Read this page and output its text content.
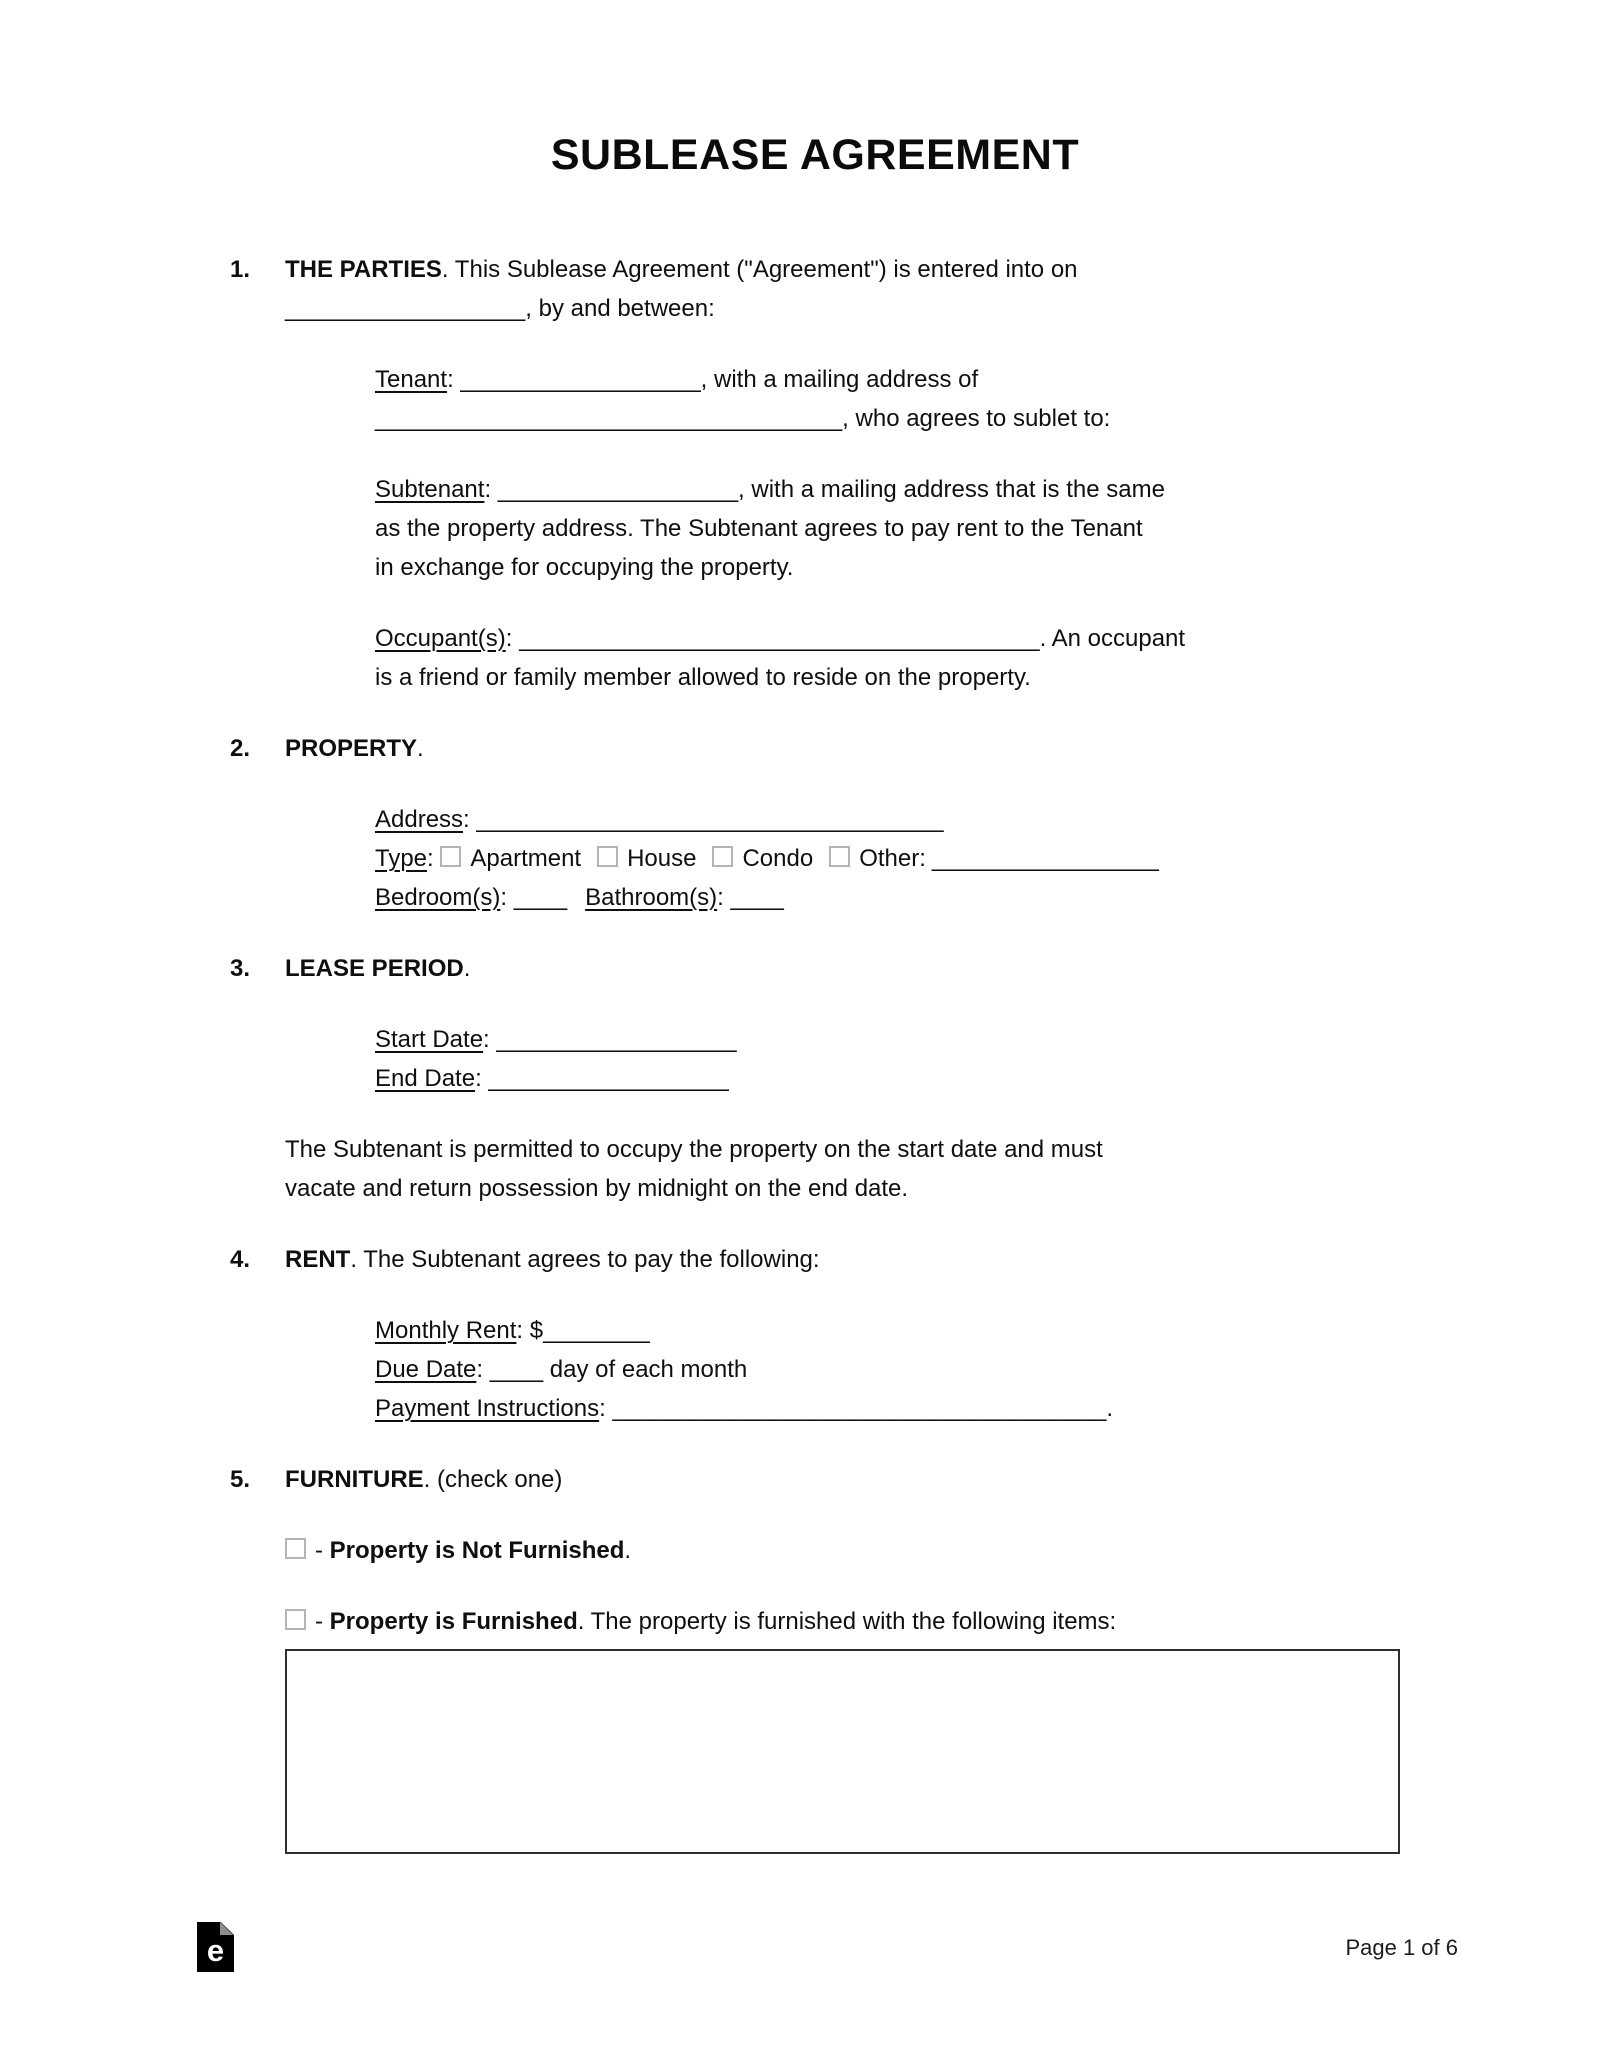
SUBLEASE AGREEMENT
1.	THE PARTIES. This Sublease Agreement ("Agreement") is entered into on
__________________, by and between:

Tenant: __________________, with a mailing address of
___________________________________, who agrees to sublet to:

Subtenant: __________________, with a mailing address that is the same
as the property address. The Subtenant agrees to pay rent to the Tenant
in exchange for occupying the property.

Occupant(s): _______________________________________. An occupant
is a friend or family member allowed to reside on the property.

2.	PROPERTY.

Address: ___________________________________
Type: Apartment House Condo Other: _________________
Bedroom(s): ____ Bathroom(s): ____

3.	LEASE PERIOD.

Start Date: __________________
End Date: __________________

The Subtenant is permitted to occupy the property on the start date and must
vacate and return possession by midnight on the end date.

4.	RENT. The Subtenant agrees to pay the following:

Monthly Rent: $________
Due Date: ____ day of each month
Payment Instructions: _____________________________________.

5.	FURNITURE. (check one)

- Property is Not Furnished.

- Property is Furnished. The property is furnished with the following items:

e	Page 1 of 6
